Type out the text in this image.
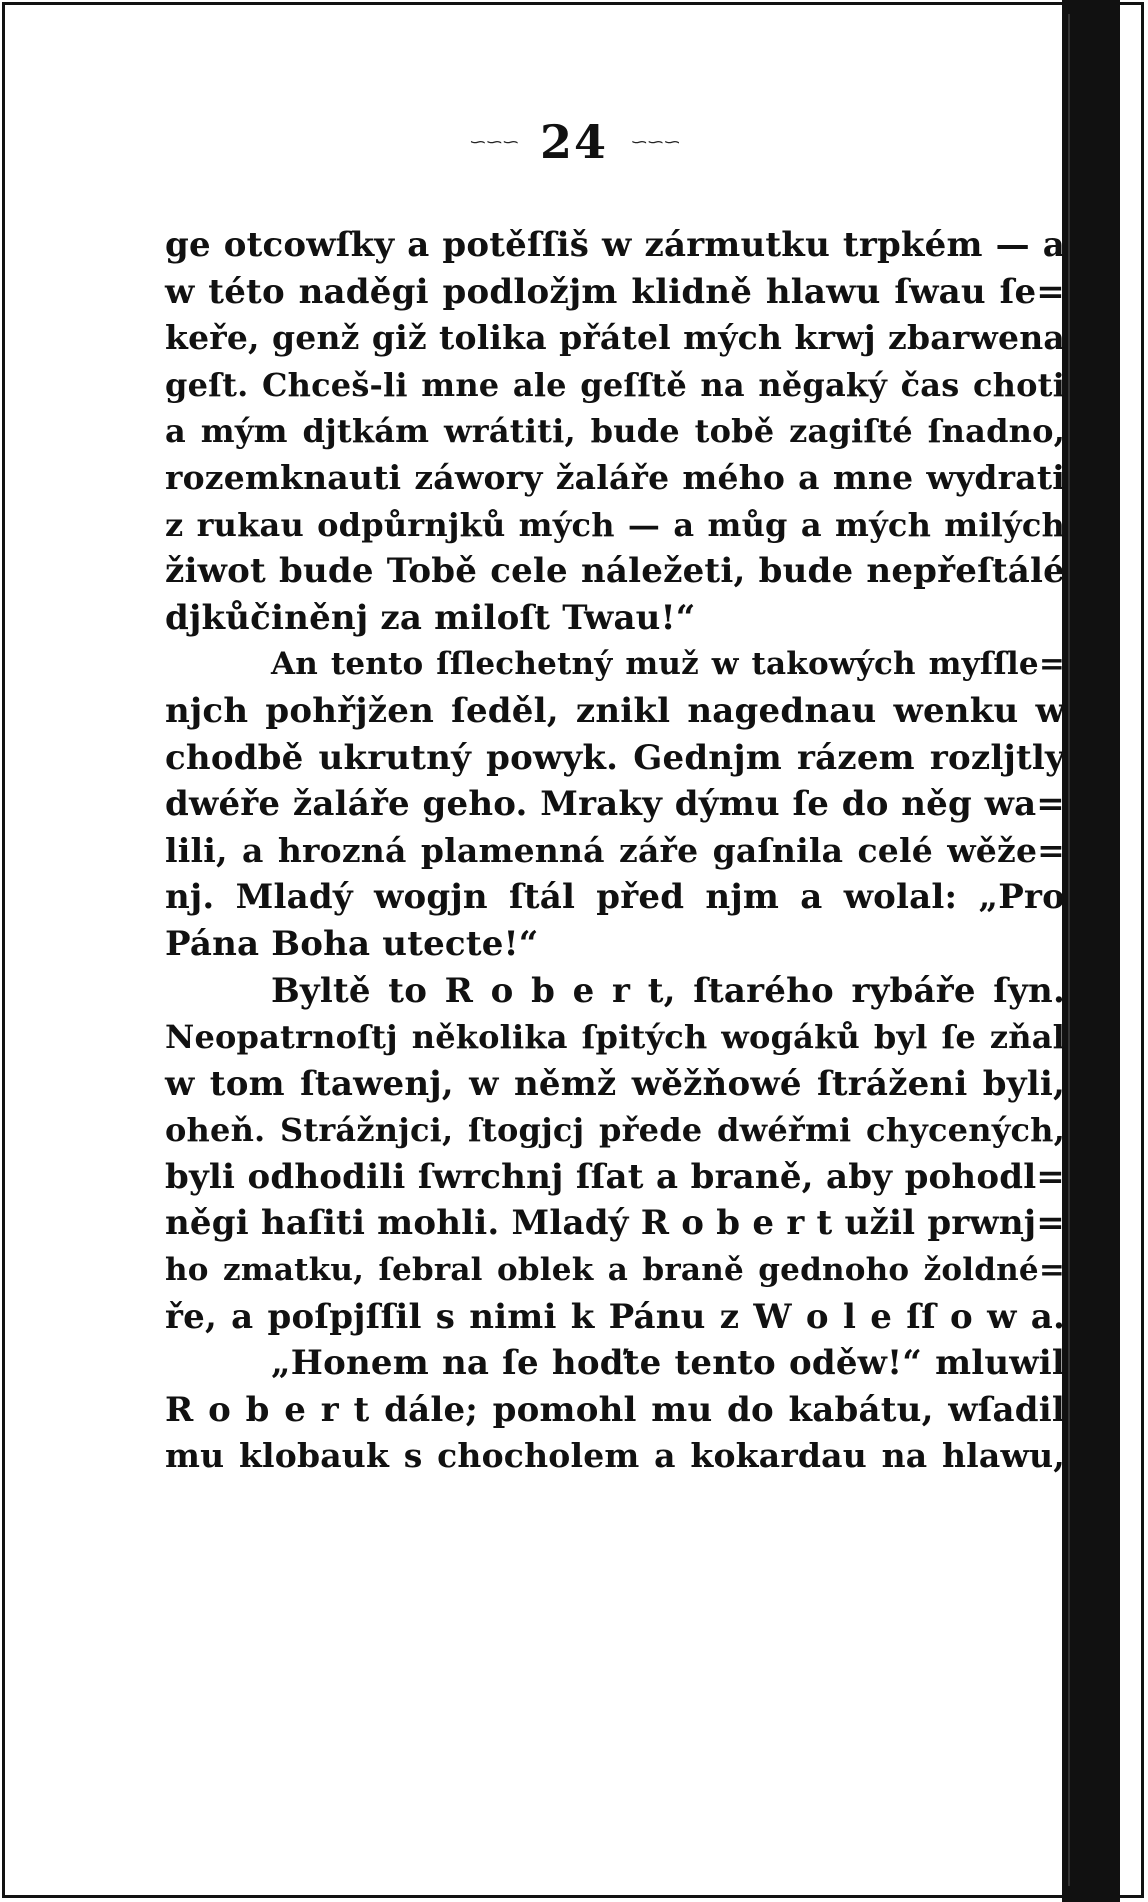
∽∽∽ 24 ∽∽∽
ge otcowſky a potěſſiš w zármutku trpkém — a
w této naděgi podložjm klidně hlawu ſwau ſe=
keře, genž giž tolika přátel mých krwj zbarwena
geſt. Chceš-li mne ale geſſtě na něgaký čas choti
a mým djtkám wrátiti, bude tobě zagiſté ſnadno,
rozemknauti záwory žaláře mého a mne wydrati
z rukau odpůrnjků mých — a můg a mých milých
žiwot bude Tobě cele náležeti, bude nepřeſtálé
djkůčiněnj za miloſt Twau!“
An tento ſſlechetný muž w takowých myſſle=
njch pohřjžen ſeděl, znikl nagednau wenku w
chodbě ukrutný powyk. Gednjm rázem rozljtly
dwéře žaláře geho. Mraky dýmu ſe do něg wa=
lili, a hrozná plamenná záře gaſnila celé wěže=
nj. Mladý wogjn ſtál před njm a wolal: „Pro
Pána Boha utecte!“
Byltě to R o b e r t, ſtarého rybáře ſyn.
Neopatrnoſtj několika ſpitých wogáků byl ſe zňal
w tom ſtawenj, w němž wěžňowé ſtráženi byli,
oheň. Strážnjci, ſtogjcj přede dwéřmi chycených,
byli odhodili ſwrchnj ſſat a braně, aby pohodl=
něgi haſiti mohli. Mladý R o b e r t užil prwnj=
ho zmatku, ſebral oblek a braně gednoho žoldné=
ře, a poſpjſſil s nimi k Pánu z W o l e ſſ o w a.
„Honem na ſe hoďte tento oděw!“ mluwil
R o b e r t dále; pomohl mu do kabátu, wſadil
mu klobauk s chocholem a kokardau na hlawu,
